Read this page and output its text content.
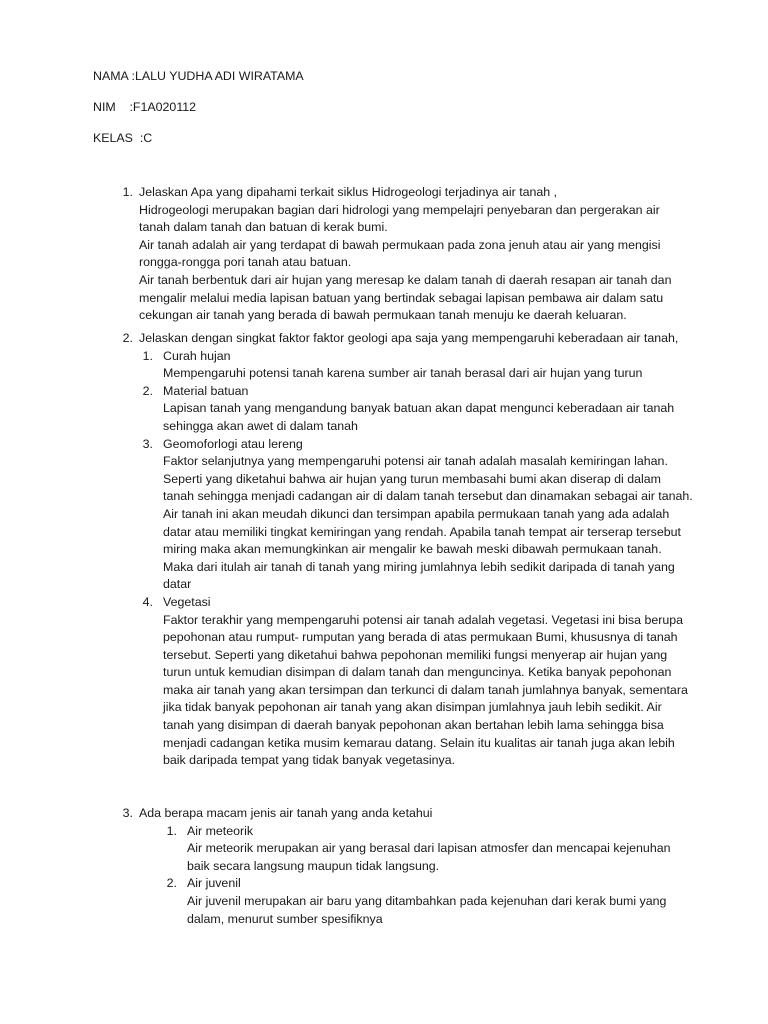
NAMA :LALU YUDHA ADI WIRATAMA
NIM    :F1A020112
KELAS  :C
1. Jelaskan Apa yang dipahami terkait siklus Hidrogeologi terjadinya air tanah ,

Hidrogeologi merupakan bagian dari hidrologi yang mempelajri penyebaran dan pergerakan air tanah dalam tanah dan batuan di kerak bumi.

Air tanah adalah air yang terdapat di bawah permukaan pada zona jenuh atau air yang mengisi rongga-rongga pori tanah atau batuan.

Air tanah berbentuk dari air hujan yang meresap ke dalam tanah di daerah resapan air tanah dan mengalir melalui media lapisan batuan yang bertindak sebagai lapisan pembawa air dalam satu cekungan air tanah yang berada di bawah permukaan tanah menuju ke daerah keluaran.

2. Jelaskan dengan singkat faktor faktor geologi apa saja yang mempengaruhi keberadaan air tanah,

1. Curah hujan

Mempengaruhi potensi tanah karena sumber air tanah berasal dari air hujan yang turun

2. Material batuan

Lapisan tanah yang mengandung banyak batuan akan dapat mengunci keberadaan air tanah sehingga akan awet di dalam tanah

3. Geomoforlogi atau lereng

Faktor selanjutnya yang mempengaruhi potensi air tanah adalah masalah kemiringan lahan. Seperti yang diketahui bahwa air hujan yang turun membasahi bumi akan diserap di dalam tanah sehingga menjadi cadangan air di dalam tanah tersebut dan dinamakan sebagai air tanah. Air tanah ini akan meudah dikunci dan tersimpan apabila permukaan tanah yang ada adalah datar atau memiliki tingkat kemiringan yang rendah. Apabila tanah tempat air terserap tersebut miring maka akan memungkinkan air mengalir ke bawah meski dibawah permukaan tanah. Maka dari itulah air tanah di tanah yang miring jumlahnya lebih sedikit daripada di tanah yang datar

4. Vegetasi

Faktor terakhir yang mempengaruhi potensi air tanah adalah vegetasi. Vegetasi ini bisa berupa pepohonan atau rumput- rumputan yang berada di atas permukaan Bumi, khususnya di tanah tersebut. Seperti yang diketahui bahwa pepohonan memiliki fungsi menyerap air hujan yang turun untuk kemudian disimpan di dalam tanah dan menguncinya. Ketika banyak pepohonan maka air tanah yang akan tersimpan dan terkunci di dalam tanah jumlahnya banyak, sementara jika tidak banyak pepohonan air tanah yang akan disimpan jumlahnya jauh lebih sedikit. Air tanah yang disimpan di daerah banyak pepohonan akan bertahan lebih lama sehingga bisa menjadi cadangan ketika musim kemarau datang. Selain itu kualitas air tanah juga akan lebih baik daripada tempat yang tidak banyak vegetasinya.

3. Ada berapa macam jenis air tanah yang anda ketahui

1. Air meteorik

Air meteorik merupakan air yang berasal dari lapisan atmosfer dan mencapai kejenuhan baik secara langsung maupun tidak langsung.

2. Air juvenil

Air juvenil merupakan air baru yang ditambahkan pada kejenuhan dari kerak bumi yang dalam, menurut sumber spesifiknya
